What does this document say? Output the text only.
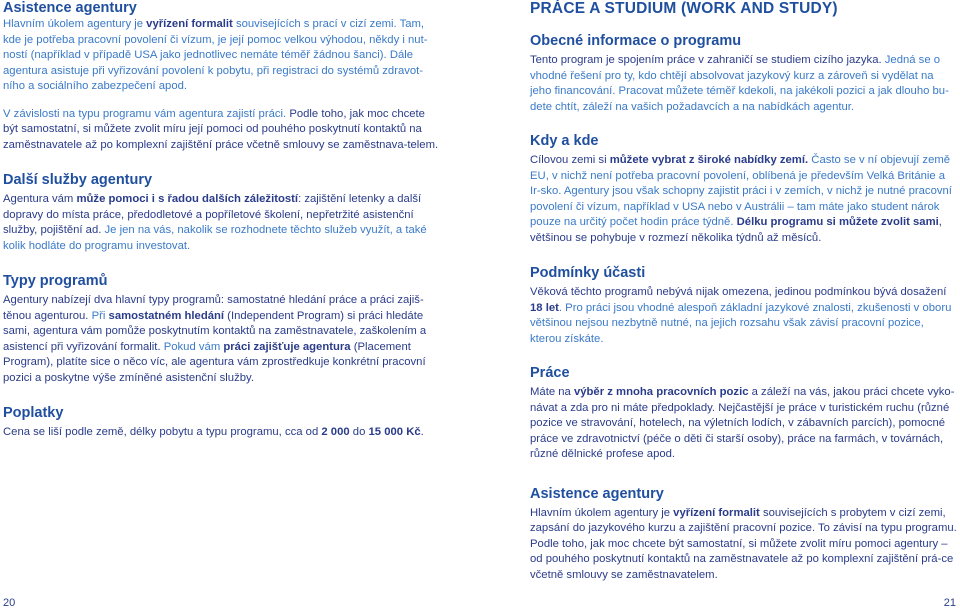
Asistence agentury

Hlavním úkolem agentury je vyřízení formalit souvisejících s prací v cizí zemi. Tam, kde je potřeba pracovní povolení či vízum, je její pomoc velkou výhodou, někdy i nut-ností (například v případě USA jako jednotlivec nemáte téměř žádnou šanci). Dále agentura asistuje při vyřizování povolení k pobytu, při registraci do systémů zdravot-ního a sociálního zabezpečení apod.

V závislosti na typu programu vám agentura zajistí práci. Podle toho, jak moc chcete být samostatní, si můžete zvolit míru její pomoci od pouhého poskytnutí kontaktů na zaměstnavatele až po komplexní zajištění práce včetně smlouvy se zaměstnava-telem.

Další služby agentury

Agentura vám může pomoci i s řadou dalších záležitostí: zajištění letenky a další dopravy do místa práce, předodletové a popříletové školení, nepřetržité asistenční služby, pojištění ad. Je jen na vás, nakolik se rozhodnete těchto služeb využít, a také kolik hodláte do programu investovat.

Typy programů

Agentury nabízejí dva hlavní typy programů: samostatné hledání práce a práci zajiš-těnou agenturou. Při samostatném hledání (Independent Program) si práci hledáte sami, agentura vám pomůže poskytnutím kontaktů na zaměstnavatele, zaškolením a asistencí při vyřizování formalit. Pokud vám práci zajišťuje agentura (Placement Program), platíte sice o něco víc, ale agentura vám zprostředkuje konkrétní pracovní pozici a poskytne výše zmíněné asistenční služby.

Poplatky

Cena se liší podle země, délky pobytu a typu programu, cca od 2 000 do 15 000 Kč.

PRÁCE A STUDIUM (WORK AND STUDY)
Obecné informace o programu

Tento program je spojením práce v zahraničí se studiem cizího jazyka. Jedná se o vhodné řešení pro ty, kdo chtějí absolvovat jazykový kurz a zároveň si vydělat na jeho financování. Pracovat můžete téměř kdekoli, na jakékoli pozici a jak dlouho bu-dete chtít, záleží na vašich požadavcích a na nabídkách agentur.

Kdy a kde

Cílovou zemi si můžete vybrat z široké nabídky zemí. Často se v ní objevují země EU, v nichž není potřeba pracovní povolení, oblíbená je především Velká Británie a Ir-sko. Agentury jsou však schopny zajistit práci i v zemích, v nichž je nutné pracovní povolení či vízum, například v USA nebo v Austrálii – tam máte jako student nárok pouze na určitý počet hodin práce týdně. Délku programu si můžete zvolit sami, většinou se pohybuje v rozmezí několika týdnů až měsíců.

Podmínky účasti

Věková těchto programů nebývá nijak omezena, jedinou podmínkou bývá dosažení 18 let. Pro práci jsou vhodné alespoň základní jazykové znalosti, zkušenosti v oboru většinou nejsou nezbytně nutné, na jejich rozsahu však závisí pracovní pozice, kterou získáte.

Práce

Máte na výběr z mnoha pracovních pozic a záleží na vás, jakou práci chcete vyko-návat a zda pro ni máte předpoklady. Nejčastější je práce v turistickém ruchu (různé pozice ve stravování, hotelech, na výletních lodích, v zábavních parcích), pomocné práce ve zdravotnictví (péče o děti či starší osoby), práce na farmách, v továrnách, různé dělnické profese apod.

Asistence agentury

Hlavním úkolem agentury je vyřízení formalit souvisejících s probytem v cizí zemi, zapsání do jazykového kurzu a zajištění pracovní pozice. To závisí na typu programu. Podle toho, jak moc chcete být samostatní, si můžete zvolit míru pomoci agentury – od pouhého poskytnutí kontaktů na zaměstnavatele až po komplexní zajištění prá-ce včetně smlouvy se zaměstnavatelem.

20	21
